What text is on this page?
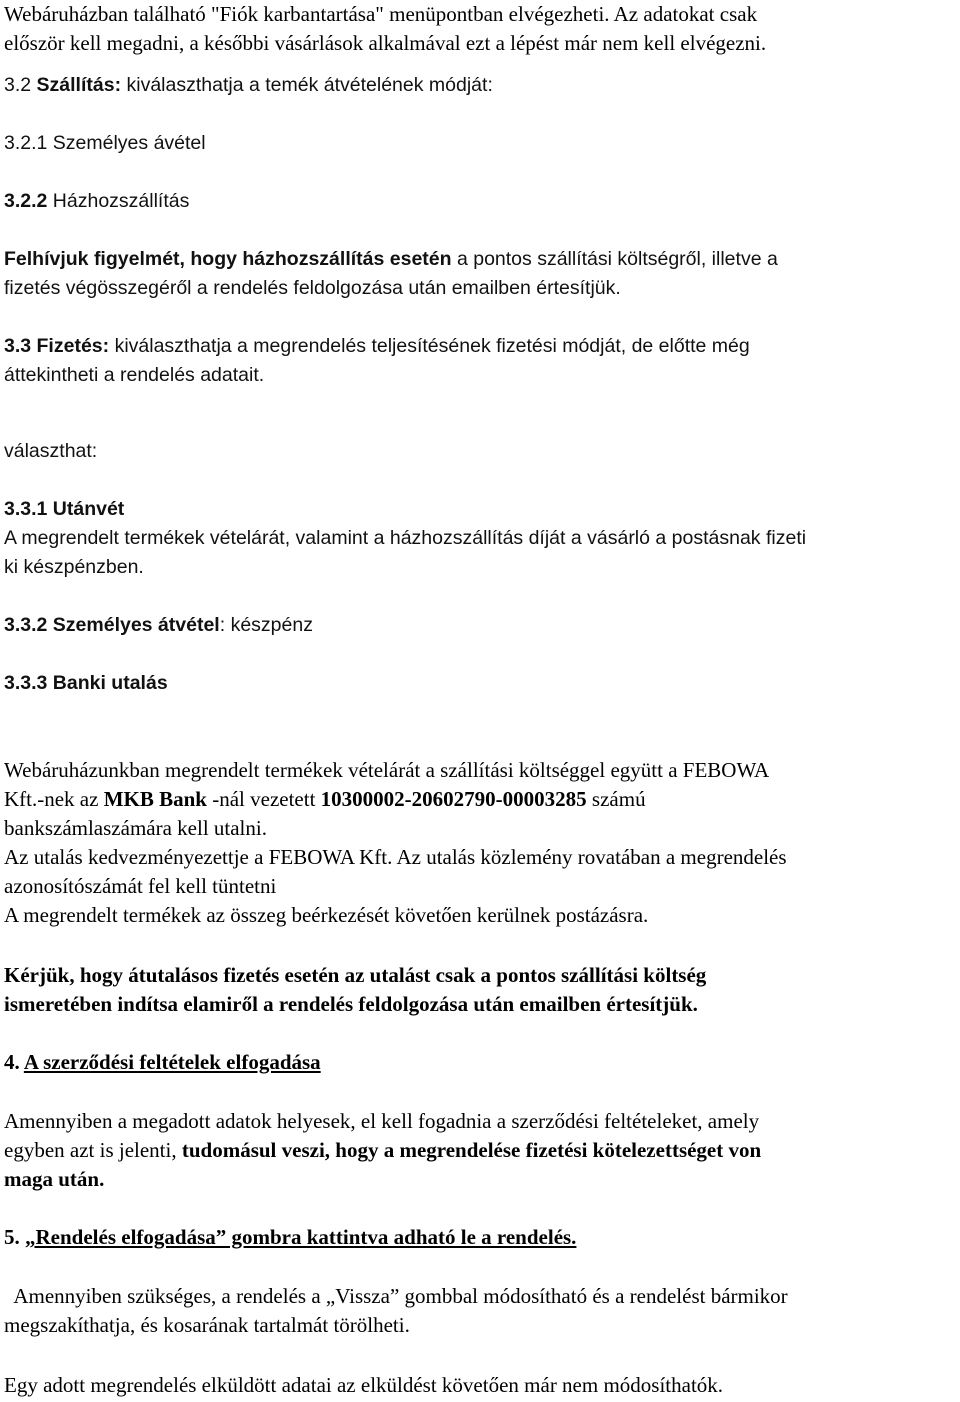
Webáruházban található "Fiók karbantartása" menüpontban elvégezheti. Az adatokat csak
először kell megadni, a későbbi vásárlások alkalmával ezt a lépést már nem kell elvégezni.

3.2 Szállítás: kiválaszthatja a temék átvételének módját:

3.2.1 Személyes ávétel

3.2.2 Házhozszállítás

Felhívjuk figyelmét, hogy házhozszállítás esetén a pontos szállítási költségről, illetve a
fizetés végösszegéről a rendelés feldolgozása után emailben értesítjük.

3.3 Fizetés: kiválaszthatja a megrendelés teljesítésének fizetési módját, de előtte még
áttekintheti a rendelés adatait.

választhat:

3.3.1 Utánvét
A megrendelt termékek vételárát, valamint a házhozszállítás díját a vásárló a postásnak fizeti
ki készpénzben.

3.3.2 Személyes átvétel: készpénz

3.3.3 Banki utalás

Webáruházunkban megrendelt termékek vételárát a szállítási költséggel együtt a FEBOWA
Kft.-nek az MKB Bank -nál vezetett 10300002-20602790-00003285 számú
bankszámlaszámára kell utalni.
Az utalás kedvezményezettje a FEBOWA Kft. Az utalás közlemény rovatában a megrendelés
azonosítószámát fel kell tüntetni
A megrendelt termékek az összeg beérkezését követően kerülnek postázásra.

Kérjük, hogy átutalásos fizetés esetén az utalást csak a pontos szállítási költség
ismeretében indítsa elamiről a rendelés feldolgozása után emailben értesítjük.

4. A szerződési feltételek elfogadása

Amennyiben a megadott adatok helyesek, el kell fogadnia a szerződési feltételeket, amely
egyben azt is jelenti, tudomásul veszi, hogy a megrendelése fizetési kötelezettséget von
maga után.

5. „Rendelés elfogadása” gombra kattintva adható le a rendelés.

Amennyiben szükséges, a rendelés a „Vissza” gombbal módosítható és a rendelést bármikor
megszakíthatja, és kosarának tartalmát törölheti.

Egy adott megrendelés elküldött adatai az elküldést követően már nem módosíthatók.
